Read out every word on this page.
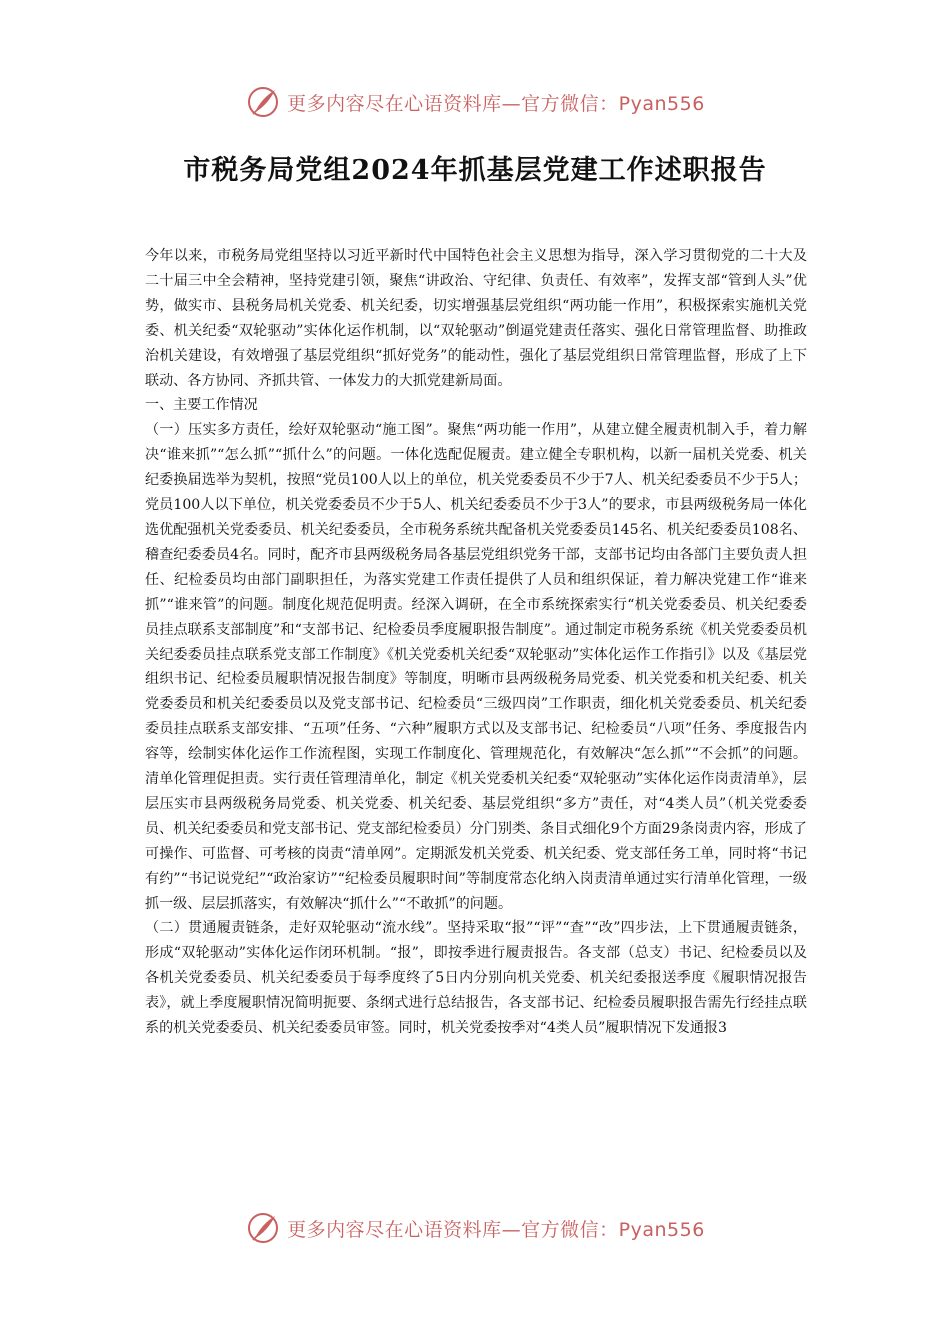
更多内容尽在心语资料库—官方微信：Pyan556
市税务局党组2024年抓基层党建工作述职报告

今年以来，市税务局党组坚持以习近平新时代中国特色社会主义思想为指导，深入学习贯彻党的二十大及二十届三中全会精神，坚持党建引领，聚焦“讲政治、守纪律、负责任、有效率”，发挥支部“管到人头”优势，做实市、县税务局机关党委、机关纪委，切实增强基层党组织“两功能一作用”，积极探索实施机关党委、机关纪委“双轮驱动”实体化运作机制，以“双轮驱动”倒逼党建责任落实、强化日常管理监督、助推政治机关建设，有效增强了基层党组织“抓好党务”的能动性，强化了基层党组织日常管理监督，形成了上下联动、各方协同、齐抓共管、一体发力的大抓党建新局面。

一、主要工作情况

（一）压实多方责任，绘好双轮驱动“施工图”。聚焦“两功能一作用”，从建立健全履责机制入手，着力解决“谁来抓”“怎么抓”“抓什么”的问题。一体化选配促履责。建立健全专职机构，以新一届机关党委、机关纪委换届选举为契机，按照“党员100人以上的单位，机关党委委员不少于7人、机关纪委委员不少于5人；党员100人以下单位，机关党委委员不少于5人、机关纪委委员不少于3人”的要求，市县两级税务局一体化选优配强机关党委委员、机关纪委委员，全市税务系统共配备机关党委委员145名、机关纪委委员108名、稽查纪委委员4名。同时，配齐市县两级税务局各基层党组织党务干部，支部书记均由各部门主要负责人担任、纪检委员均由部门副职担任，为落实党建工作责任提供了人员和组织保证，着力解决党建工作“谁来抓”“谁来管”的问题。制度化规范促明责。经深入调研，在全市系统探索实行“机关党委委员、机关纪委委员挂点联系支部制度”和“支部书记、纪检委员季度履职报告制度”。通过制定市税务系统《机关党委委员机关纪委委员挂点联系党支部工作制度》《机关党委机关纪委“双轮驱动”实体化运作工作指引》以及《基层党组织书记、纪检委员履职情况报告制度》等制度，明晰市县两级税务局党委、机关党委和机关纪委、机关党委委员和机关纪委委员以及党支部书记、纪检委员“三级四岗”工作职责，细化机关党委委员、机关纪委委员挂点联系支部安排、“五项”任务、“六种”履职方式以及支部书记、纪检委员“八项”任务、季度报告内容等，绘制实体化运作工作流程图，实现工作制度化、管理规范化，有效解决“怎么抓”“不会抓”的问题。清单化管理促担责。实行责任管理清单化，制定《机关党委机关纪委“双轮驱动”实体化运作岗责清单》，层层压实市县两级税务局党委、机关党委、机关纪委、基层党组织“多方”责任，对“4类人员”（机关党委委员、机关纪委委员和党支部书记、党支部纪检委员）分门别类、条目式细化9个方面29条岗责内容，形成了可操作、可监督、可考核的岗责“清单网”。定期派发机关党委、机关纪委、党支部任务工单，同时将“书记有约”“书记说党纪”“政治家访”“纪检委员履职时间”等制度常态化纳入岗责清单通过实行清单化管理，一级抓一级、层层抓落实，有效解决“抓什么”“不敢抓”的问题。

（二）贯通履责链条，走好双轮驱动“流水线”。坚持采取“报”“评”“查”“改”四步法，上下贯通履责链条，形成“双轮驱动”实体化运作闭环机制。“报”，即按季进行履责报告。各支部（总支）书记、纪检委员以及各机关党委委员、机关纪委委员于每季度终了5日内分别向机关党委、机关纪委报送季度《履职情况报告表》，就上季度履职情况简明扼要、条纲式进行总结报告，各支部书记、纪检委员履职报告需先行经挂点联系的机关党委委员、机关纪委委员审签。同时，机关党委按季对“4类人员”履职情况下发通报3

更多内容尽在心语资料库—官方微信：Pyan556
